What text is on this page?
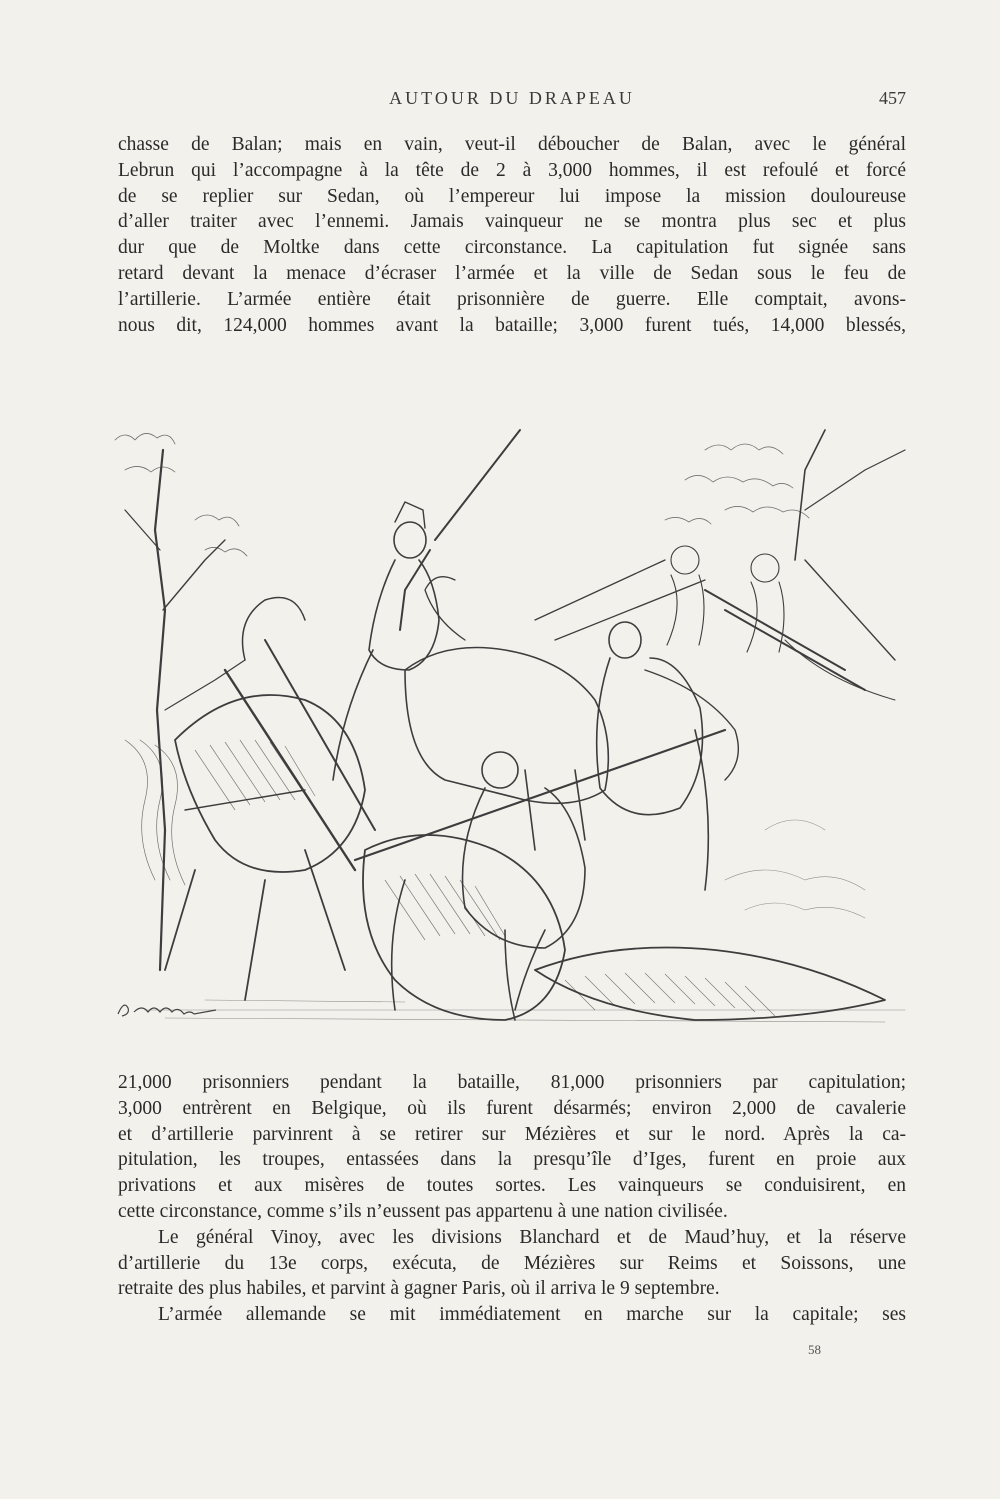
AUTOUR DU DRAPEAU	457
chasse de Balan; mais en vain, veut-il déboucher de Balan, avec le général
Lebrun qui l’accompagne à la tête de 2 à 3,000 hommes, il est refoulé et forcé
de se replier sur Sedan, où l’empereur lui impose la mission douloureuse
d’aller traiter avec l’ennemi. Jamais vainqueur ne se montra plus sec et plus
dur que de Moltke dans cette circonstance. La capitulation fut signée sans
retard devant la menace d’écraser l’armée et la ville de Sedan sous le feu de
l’artillerie. L’armée entière était prisonnière de guerre. Elle comptait, avons-
nous dit, 124,000 hommes avant la bataille; 3,000 furent tués, 14,000 blessés,
21,000 prisonniers pendant la bataille, 81,000 prisonniers par capitulation;
3,000 entrèrent en Belgique, où ils furent désarmés; environ 2,000 de cavalerie
et d’artillerie parvinrent à se retirer sur Mézières et sur le nord. Après la ca-
pitulation, les troupes, entassées dans la presqu’île d’Iges, furent en proie aux
privations et aux misères de toutes sortes. Les vainqueurs se conduisirent, en
cette circonstance, comme s’ils n’eussent pas appartenu à une nation civilisée.
Le général Vinoy, avec les divisions Blanchard et de Maud’huy, et la réserve
d’artillerie du 13e corps, exécuta, de Mézières sur Reims et Soissons, une
retraite des plus habiles, et parvint à gagner Paris, où il arriva le 9 septembre.
L’armée allemande se mit immédiatement en marche sur la capitale; ses
58
